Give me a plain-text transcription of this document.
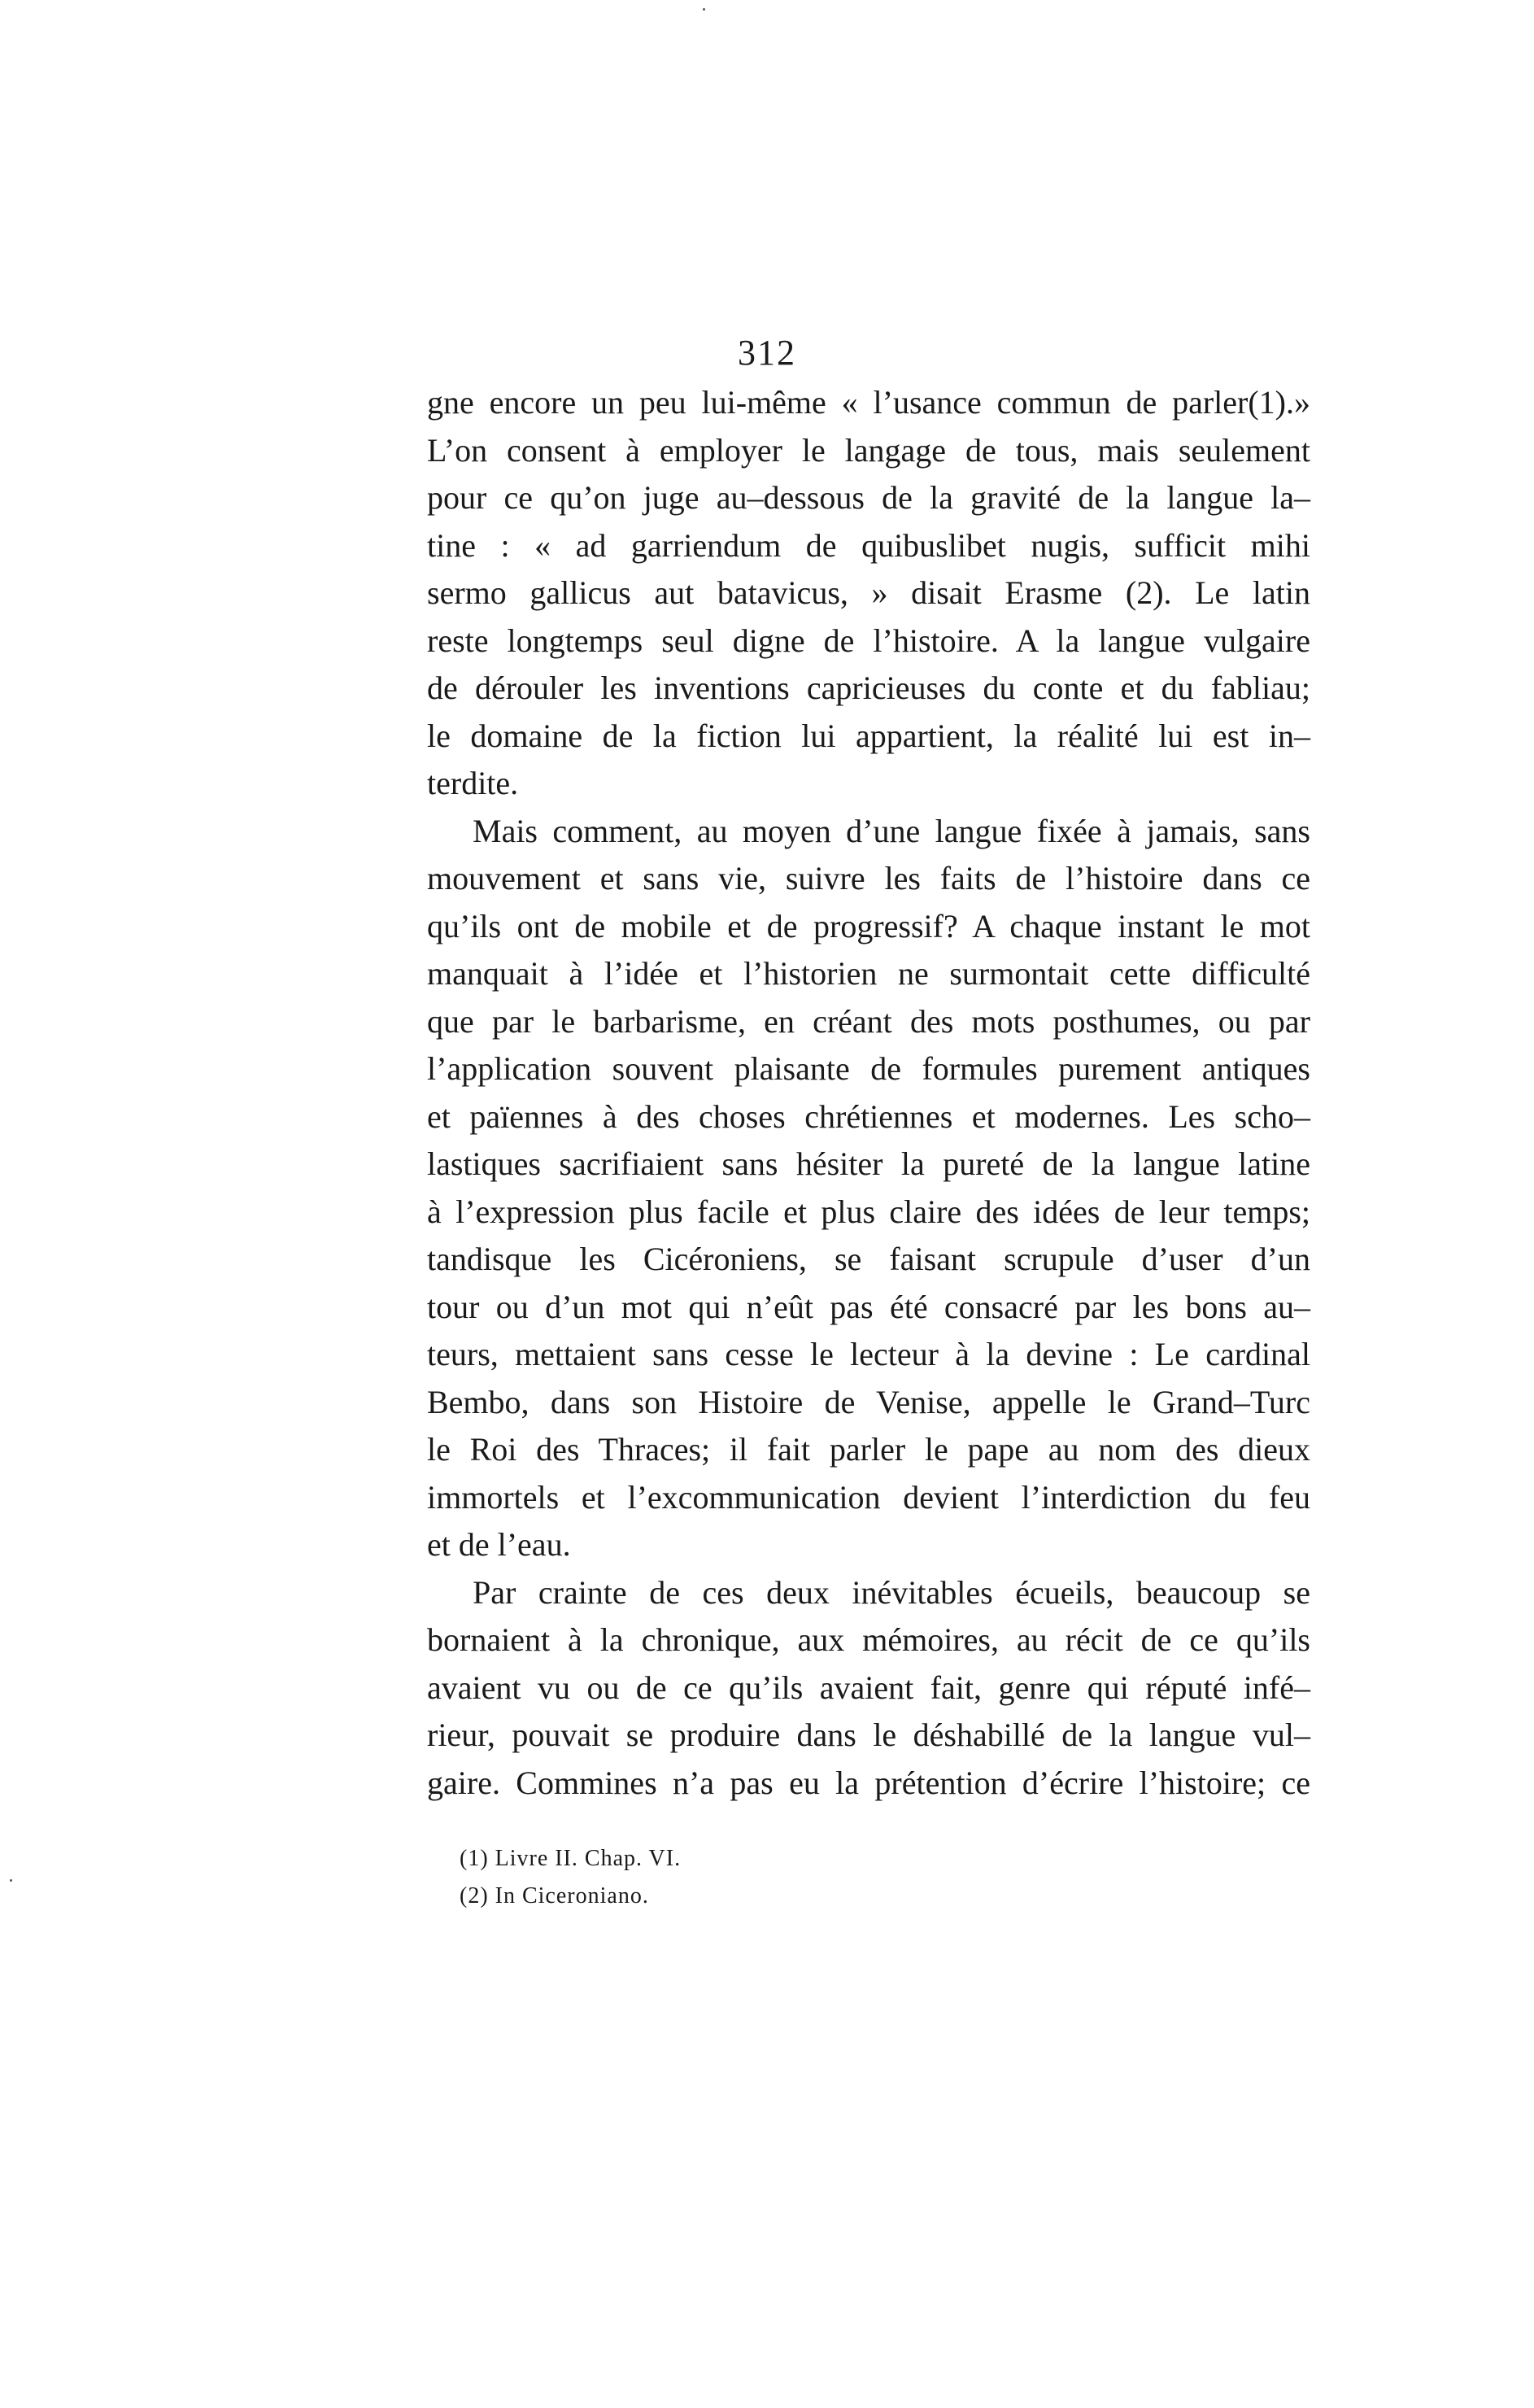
312
gne encore un peu lui-même « l’usance commun de parler(1).»
L’on consent à employer le langage de tous, mais seulement
pour ce qu’on juge au–dessous de la gravité de la langue la–
tine : « ad garriendum de quibuslibet nugis, sufficit mihi
sermo gallicus aut bataviсus, » disait Erasme (2). Le latin
reste longtemps seul digne de l’histoire. A la langue vulgaire
de dérouler les inventions capricieuses du conte et du fabliau;
le domaine de la fiction lui appartient, la réalité lui est in–
terdite.
Mais comment, au moyen d’une langue fixée à jamais, sans
mouvement et sans vie, suivre les faits de l’histoire dans ce
qu’ils ont de mobile et de progressif? A chaque instant le mot
manquait à l’idée et l’historien ne surmontait cette difficulté
que par le barbarisme, en créant des mots posthumes, ou par
l’application souvent plaisante de formules purement antiques
et païennes à des choses chrétiennes et modernes. Les scho–
lastiques sacrifiaient sans hésiter la pureté de la langue latine
à l’expression plus facile et plus claire des idées de leur temps;
tandisque les Cicéroniens, se faisant scrupule d’user d’un
tour ou d’un mot qui n’eût pas été consacré par les bons au–
teurs, mettaient sans cesse le lecteur à la devine : Le cardinal
Bembo, dans son Histoire de Venise, appelle le Grand–Turc
le Roi des Thraces; il fait parler le pape au nom des dieux
immortels et l’excommunication devient l’interdiction du feu
et de l’eau.
Par crainte de ces deux inévitables écueils, beaucoup se
bornaient à la chronique, aux mémoires, au récit de ce qu’ils
avaient vu ou de ce qu’ils avaient fait, genre qui réputé infé–
rieur, pouvait se produire dans le déshabillé de la langue vul–
gaire. Commines n’a pas eu la prétention d’écrire l’histoire; ce
(1) Livre II. Chap. VI.
(2) In Ciceroniano.
